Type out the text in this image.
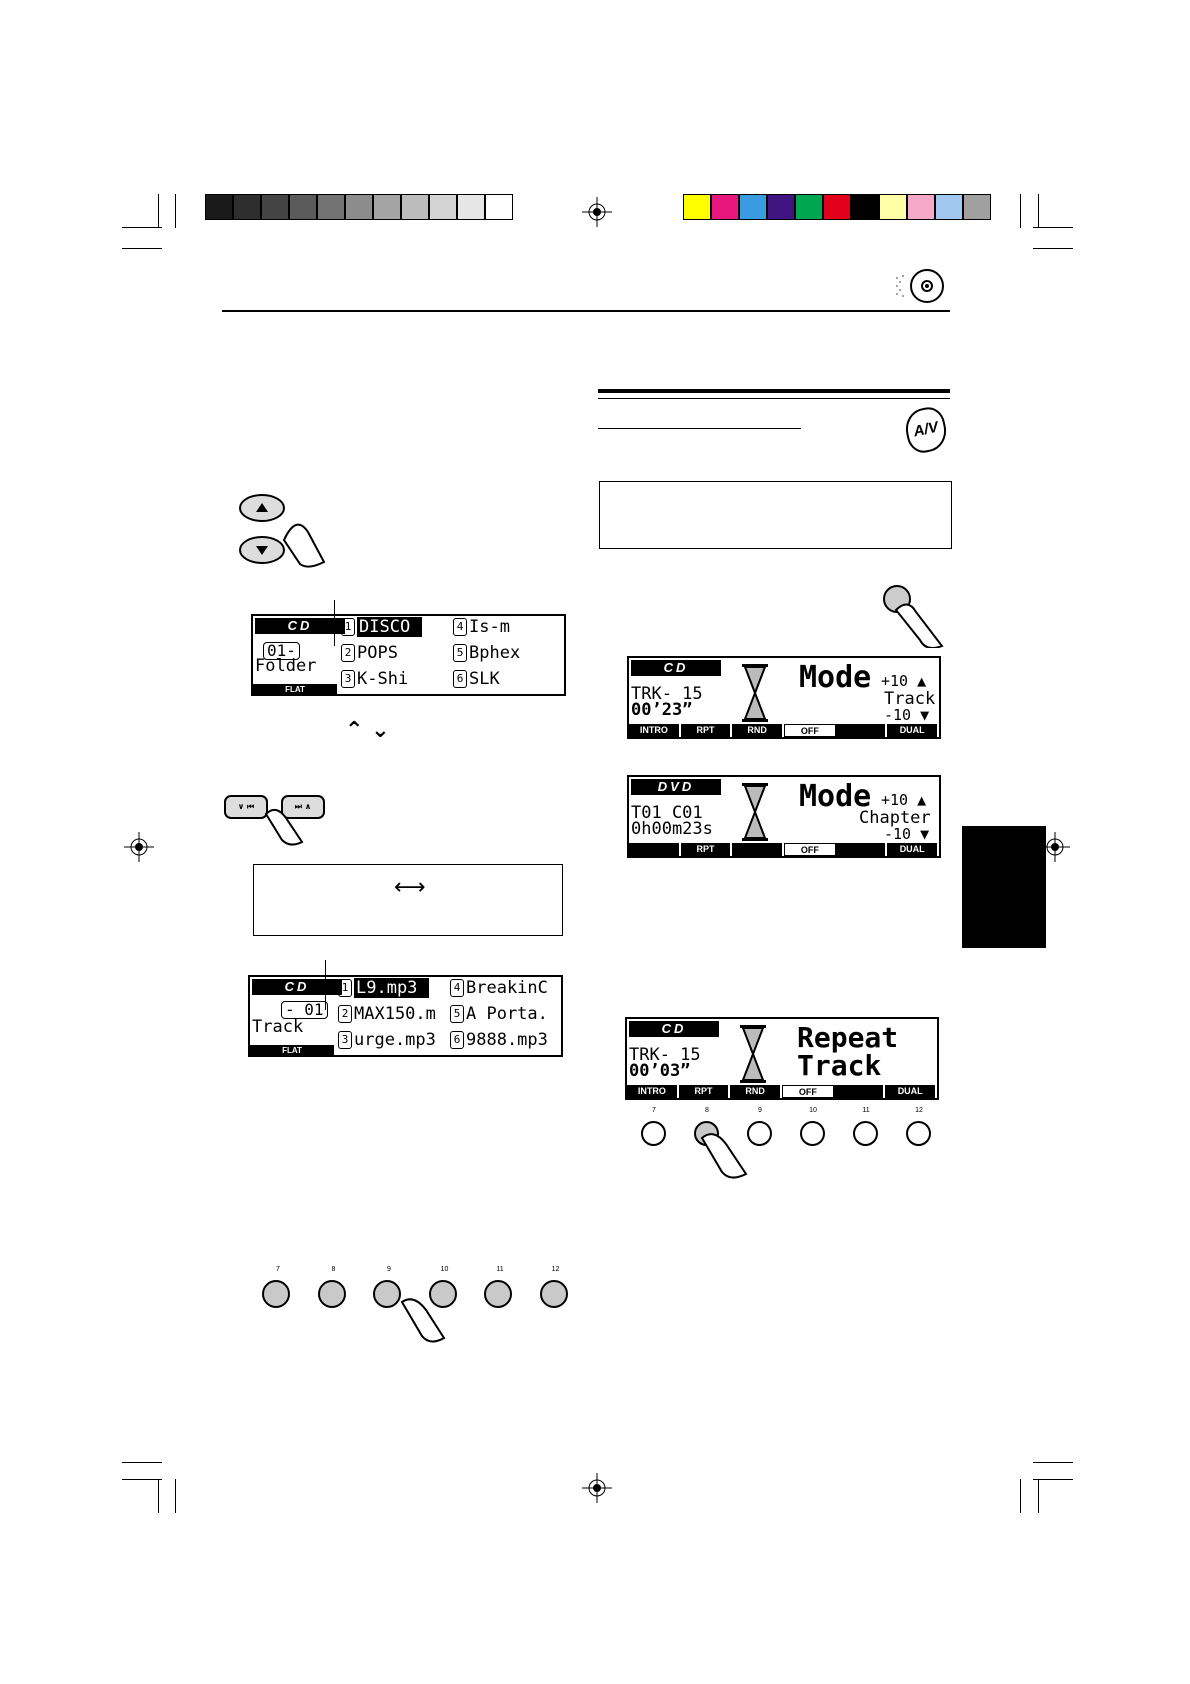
CD
01-
Folder
FLAT
1 DISCO
2 POPS
3 K-Shi
4 Is-m
5 Bphex
6 SLK
⌃ ⌄
∨ ⏮	⏭ ∧
⟷
CD
- 01
Track
FLAT
1 L9.mp3
2 MAX150.m
3 urge.mp3
4 BreakinC
5 A Porta.
6 9888.mp3
7	8	9	10	11	12
A/V
CD
TRK- 15
00’23”
Mode +10 ▲
Track
-10 ▼
INTRO	RPT	RND	OFF	DUAL
DVD
T01 C01
0h00m23s
Mode +10 ▲
Chapter
-10 ▼
RPT	OFF	DUAL
CD
TRK- 15
00’03”
Repeat
Track
INTRO	RPT	RND	OFF	DUAL
7	8	9	10	11	12
